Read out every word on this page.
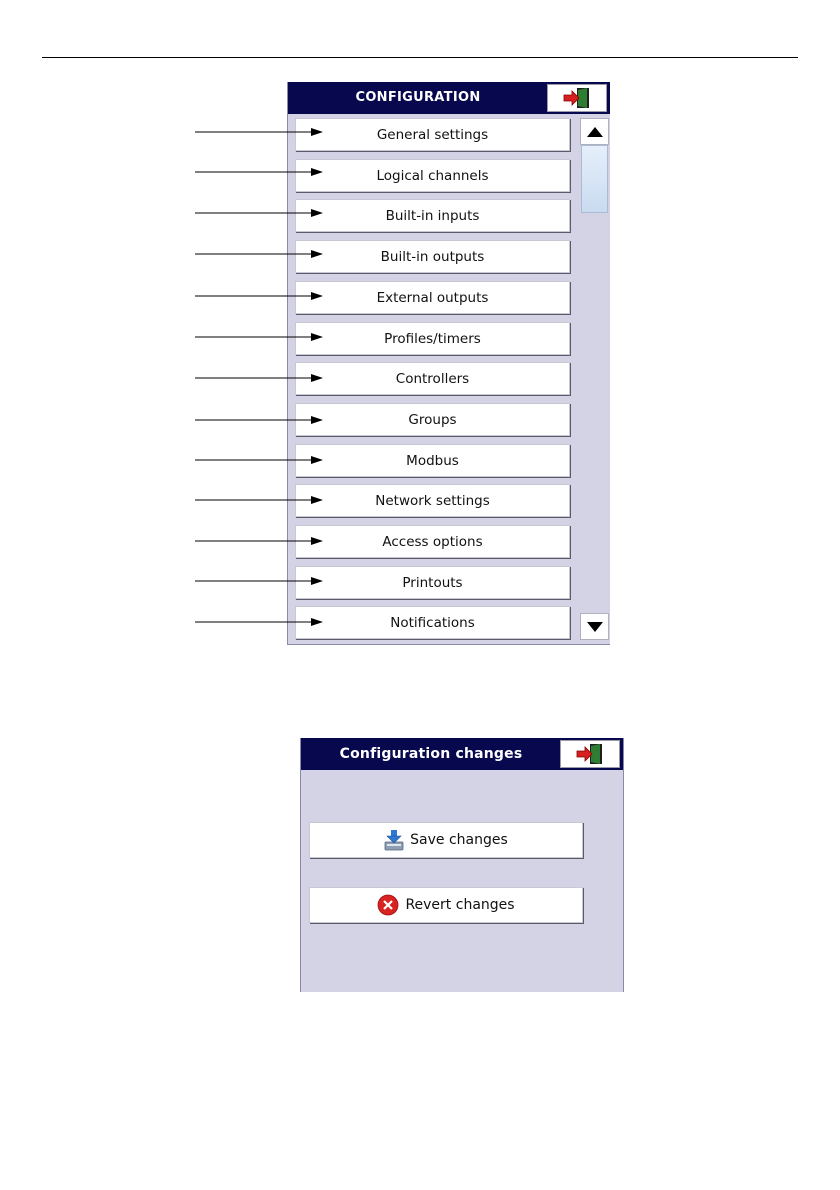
CONFIGURATION
General settings
Logical channels
Built-in inputs
Built-in outputs
External outputs
Profiles/timers
Controllers
Groups
Modbus
Network settings
Access options
Printouts
Notifications
Configuration changes
Save changes
Revert changes
